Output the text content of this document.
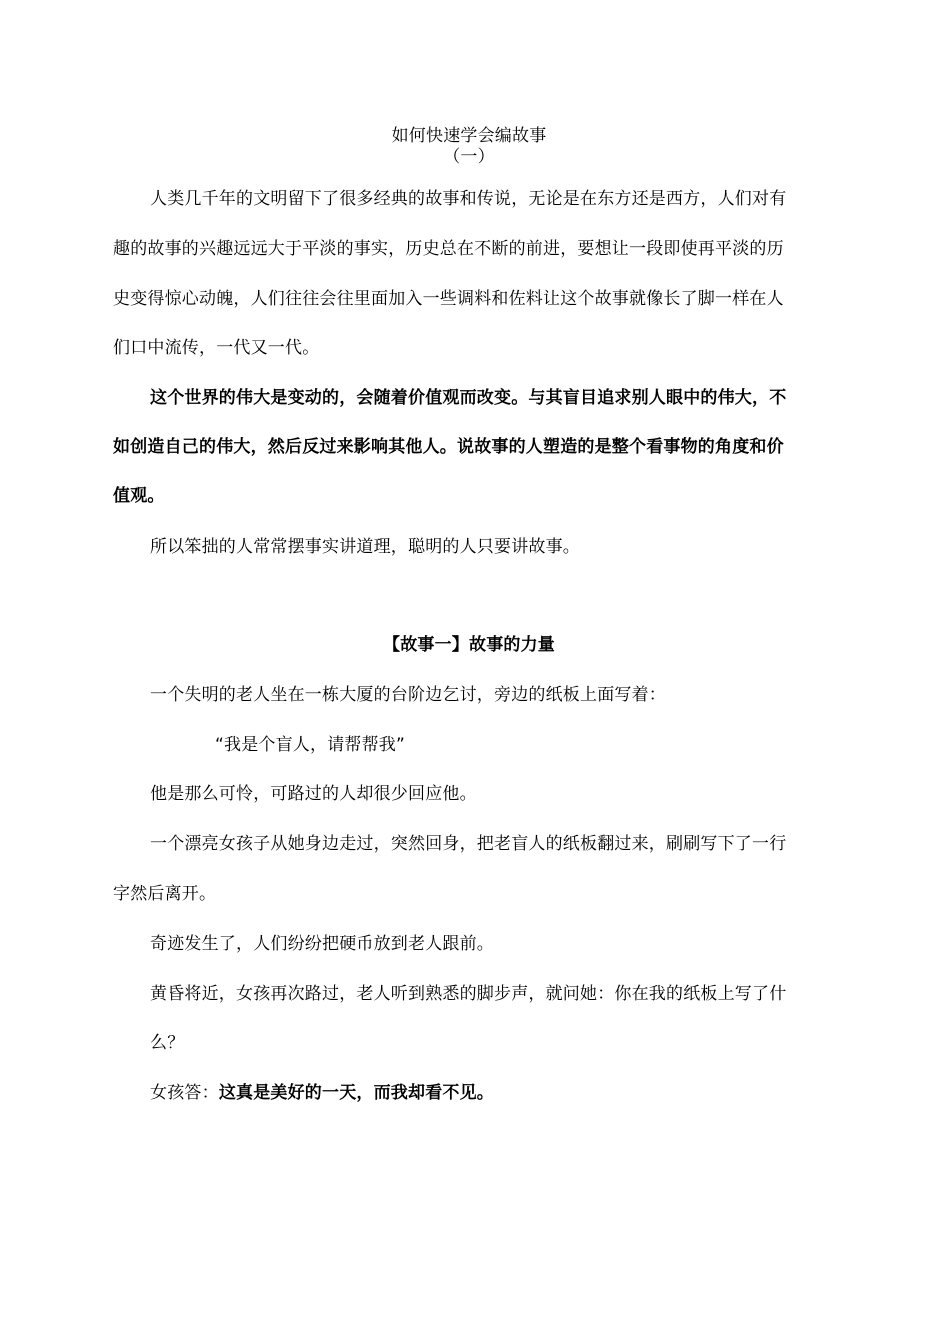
如何快速学会编故事
（一）
人类几千年的文明留下了很多经典的故事和传说，无论是在东方还是西方，人们对有
趣的故事的兴趣远远大于平淡的事实，历史总在不断的前进，要想让一段即使再平淡的历
史变得惊心动魄，人们往往会往里面加入一些调料和佐料让这个故事就像长了脚一样在人
们口中流传，一代又一代。
这个世界的伟大是变动的，会随着价值观而改变。与其盲目追求别人眼中的伟大，不
如创造自己的伟大，然后反过来影响其他人。说故事的人塑造的是整个看事物的角度和价
值观。
所以笨拙的人常常摆事实讲道理，聪明的人只要讲故事。
【故事一】故事的力量
一个失明的老人坐在一栋大厦的台阶边乞讨，旁边的纸板上面写着：
“我是个盲人，请帮帮我”
他是那么可怜，可路过的人却很少回应他。
一个漂亮女孩子从她身边走过，突然回身，把老盲人的纸板翻过来，刷刷写下了一行
字然后离开。
奇迹发生了，人们纷纷把硬币放到老人跟前。
黄昏将近，女孩再次路过，老人听到熟悉的脚步声，就问她：你在我的纸板上写了什
么？
女孩答：这真是美好的一天，而我却看不见。
